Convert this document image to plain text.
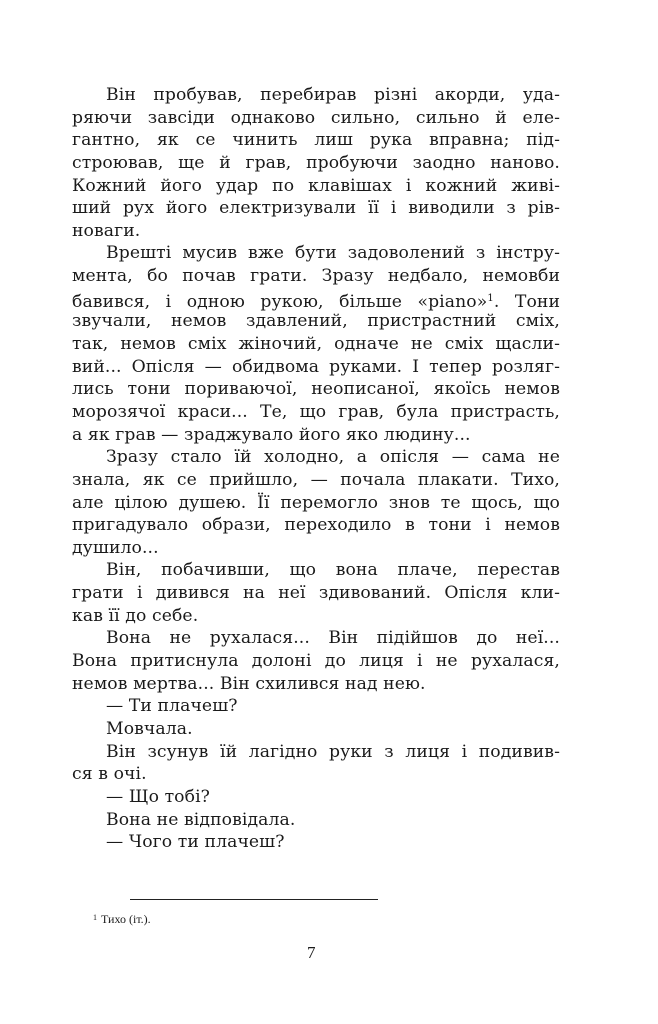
Він пробував, перебирав різні акорди, уда-
ряючи завсіди однаково сильно, сильно й еле-
гантно, як се чинить лиш рука вправна; під-
строював, ще й грав, пробуючи заодно наново.
Кожний його удар по клавішах і кожний живі-
ший рух його електризували її і виводили з рів-
новаги.
Врешті мусив вже бути задоволений з інстру-
мента, бо почав грати. Зразу недбало, немовби
бавився, і одною рукою, більше «piano»$^1$. Тони
звучали, немов здавлений, пристрастний сміх,
так, немов сміх жіночий, одначе не сміх щасли-
вий... Опісля — обидвома руками. І тепер розляг-
лись тони пориваючої, неописаної, якоїсь немов
морозячої краси... Те, що грав, була пристрасть,
а як грав — зраджувало його яко людину...
Зразу стало їй холодно, а опісля — сама не
знала, як се прийшло, — почала плакати. Тихо,
але цілою душею. Її перемогло знов те щось, що
пригадувало образи, переходило в тони і немов
душило...
Він, побачивши, що вона плаче, перестав
грати і дивився на неї здивований. Опісля кли-
кав її до себе.
Вона не рухалася... Він підійшов до неї...
Вона притиснула долоні до лиця і не рухалася,
немов мертва... Він схилився над нею.
— Ти плачеш?
Мовчала.
Він зсунув їй лагідно руки з лиця і подивив-
ся в очі.
— Що тобі?
Вона не відповідала.
— Чого ти плачеш?
$^1$ Тихо (іт.).
7
